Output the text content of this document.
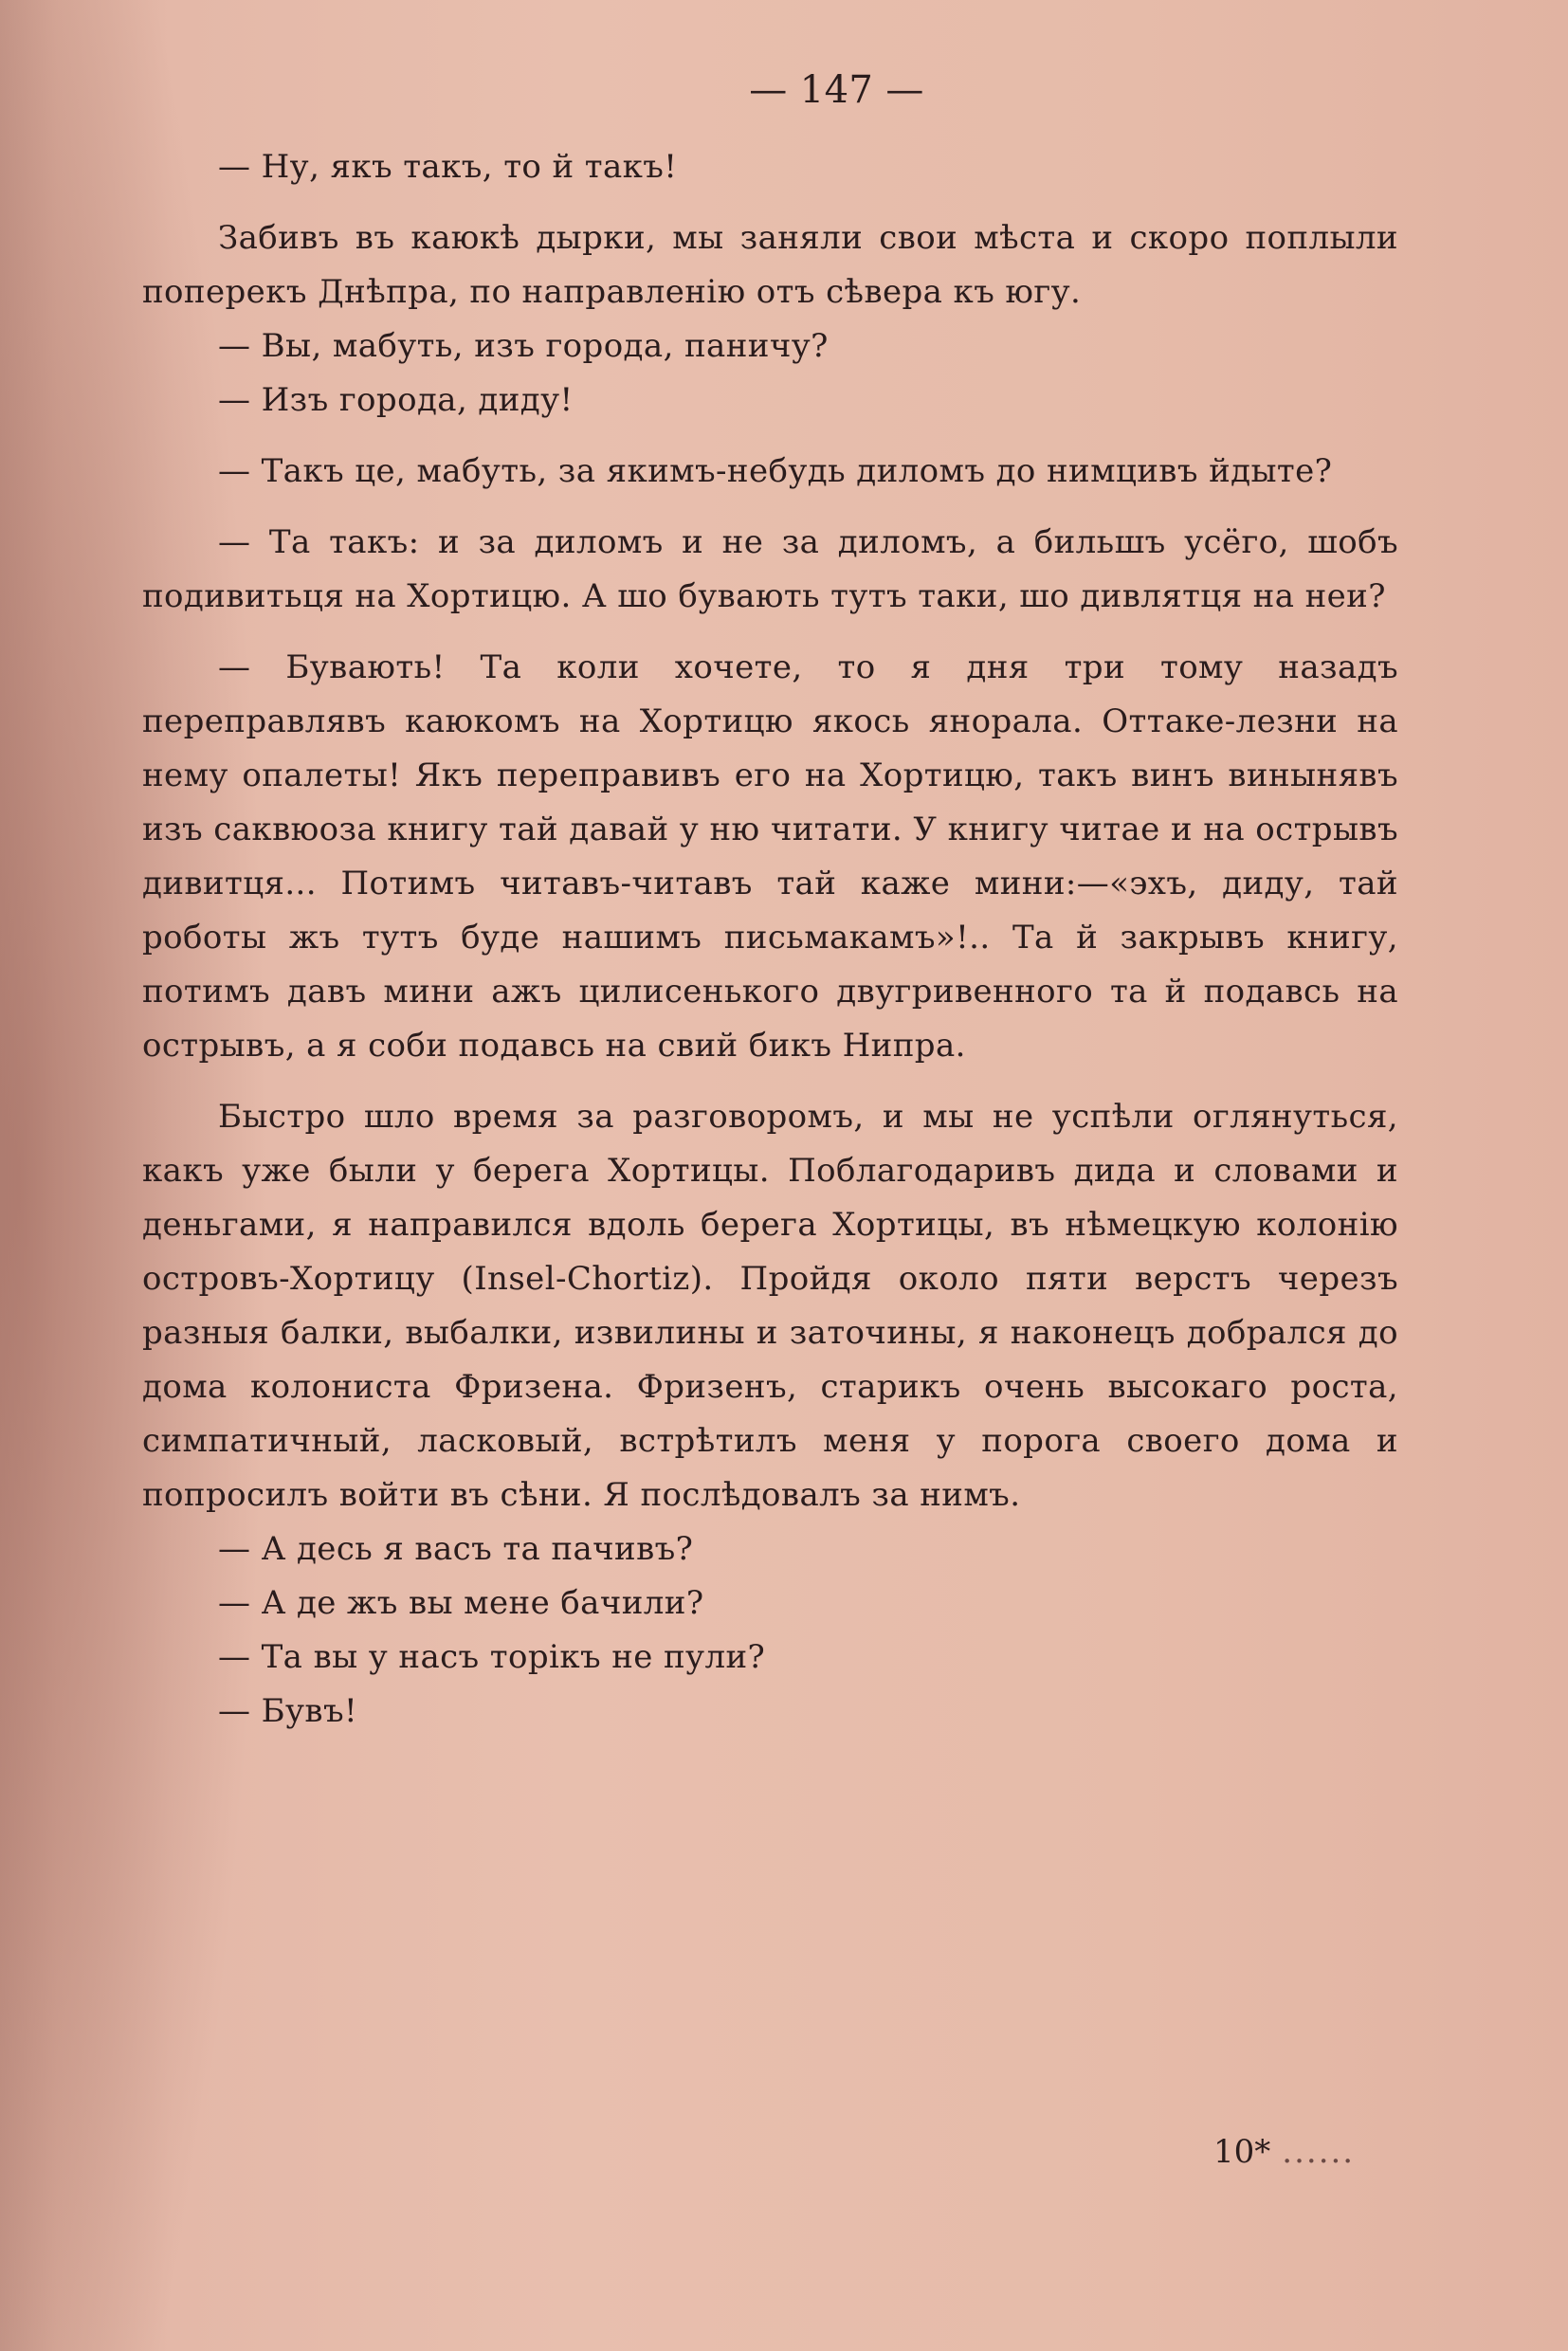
— 147 —

— Ну, якъ такъ, то й такъ!

Забивъ въ каюкѣ дырки, мы заняли свои мѣста и скоро поплыли поперекъ Днѣпра, по направленію отъ сѣвера къ югу.

— Вы, мабуть, изъ города, паничу?

— Изъ города, диду!

— Такъ це, мабуть, за якимъ-небудь диломъ до нимцивъ йдыте?

— Та такъ: и за диломъ и не за диломъ, а бильшъ усёго, шобъ подивитьця на Хортицю. А шо бувають тутъ таки, шо дивлятця на неи?

— Бувають! Та коли хочете, то я дня три тому назадъ переправлявъ каюкомъ на Хортицю якось янорала. Оттаке-лезни на нему опалеты! Якъ переправивъ его на Хортицю, такъ винъ винынявъ изъ саквюоза книгу тай давай у ню читати. У книгу читае и на острывъ дивитця... Потимъ читавъ-читавъ тай каже мини:—«эхъ, диду, тай роботы жъ тутъ буде нашимъ письмакамъ»!.. Та й закрывъ книгу, потимъ давъ мини ажъ цилисенького двугривенного та й подавсь на острывъ, а я соби подавсь на свий бикъ Нипра.

Быстро шло время за разговоромъ, и мы не успѣли оглянуться, какъ уже были у берега Хортицы. Поблагодаривъ дида и словами и деньгами, я направился вдоль берега Хортицы, въ нѣмецкую колонію островъ-Хортицу (Insel-Chortiz). Пройдя около пяти верстъ черезъ разныя балки, выбалки, извилины и заточины, я наконецъ добрался до дома колониста Фризена. Фризенъ, старикъ очень высокаго роста, симпатичный, ласковый, встрѣтилъ меня у порога своего дома и попросилъ войти въ сѣни. Я послѣдовалъ за нимъ.

— А десь я васъ та пачивъ?

— А де жъ вы мене бачили?

— Та вы у насъ торікъ не пули?

— Бувъ!

10* ......
